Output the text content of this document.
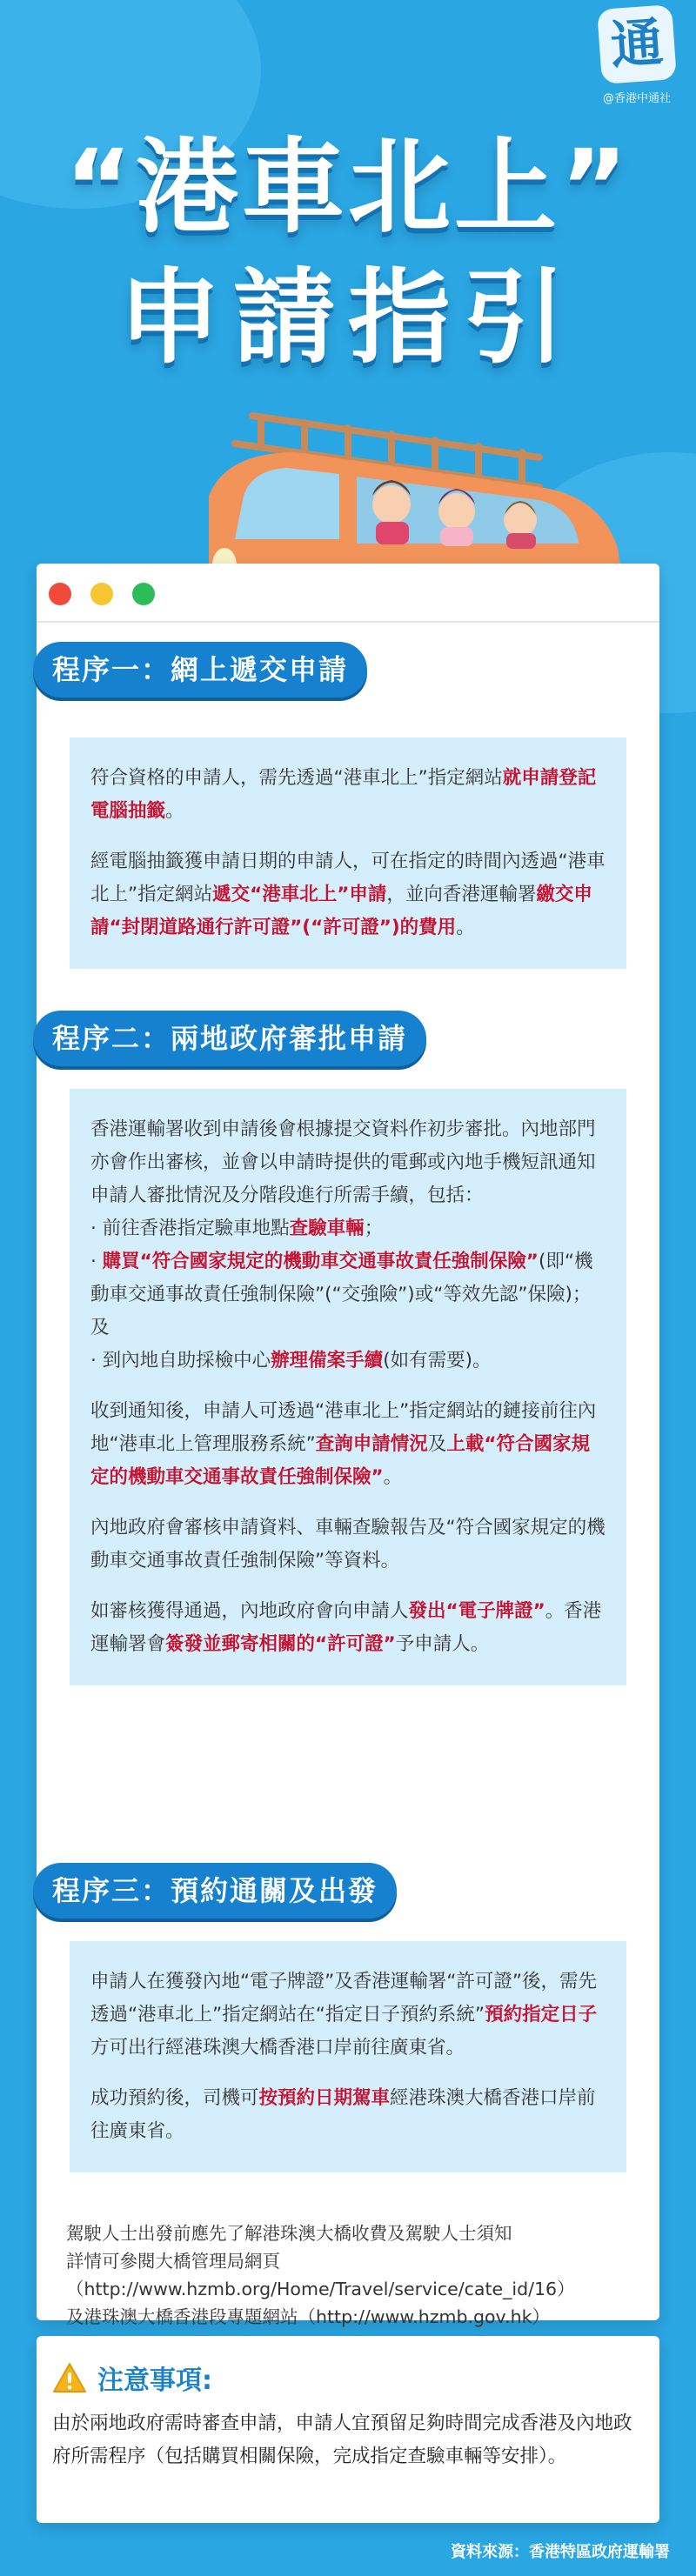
通
@香港中通社
“港車北上”
申請指引
程序一：網上遞交申請

符合資格的申請人，需先透過“港車北上”指定網站就申請登記電腦抽籤。

經電腦抽籤獲申請日期的申請人，可在指定的時間內透過“港車北上”指定網站遞交“港車北上”申請，並向香港運輸署繳交申請“封閉道路通行許可證”(“許可證”)的費用。

程序二：兩地政府審批申請

香港運輸署收到申請後會根據提交資料作初步審批。內地部門亦會作出審核，並會以申請時提供的電郵或內地手機短訊通知申請人審批情況及分階段進行所需手續，包括：
· 前往香港指定驗車地點查驗車輛；
· 購買“符合國家規定的機動車交通事故責任強制保險”(即“機動車交通事故責任強制保險”(“交強險”)或“等效先認”保險)；及
· 到內地自助採檢中心辦理備案手續(如有需要)。

收到通知後，申請人可透過“港車北上”指定網站的鏈接前往內地“港車北上管理服務系統”查詢申請情況及上載“符合國家規定的機動車交通事故責任強制保險”。

內地政府會審核申請資料、車輛查驗報告及“符合國家規定的機動車交通事故責任強制保險”等資料。

如審核獲得通過，內地政府會向申請人發出“電子牌證”。香港運輸署會簽發並郵寄相關的“許可證”予申請人。

程序三：預約通關及出發

申請人在獲發內地“電子牌證”及香港運輸署“許可證”後，需先透過“港車北上”指定網站在“指定日子預約系統”預約指定日子方可出行經港珠澳大橋香港口岸前往廣東省。

成功預約後，司機可按預約日期駕車經港珠澳大橋香港口岸前往廣東省。

駕駛人士出發前應先了解港珠澳大橋收費及駕駛人士須知
詳情可參閱大橋管理局網頁
（http://www.hzmb.org/Home/Travel/service/cate_id/16）
及港珠澳大橋香港段專題網站（http://www.hzmb.gov.hk）
注意事項:
由於兩地政府需時審查申請，申請人宜預留足夠時間完成香港及內地政府所需程序（包括購買相關保險，完成指定查驗車輛等安排）。
資料來源：香港特區政府運輸署
